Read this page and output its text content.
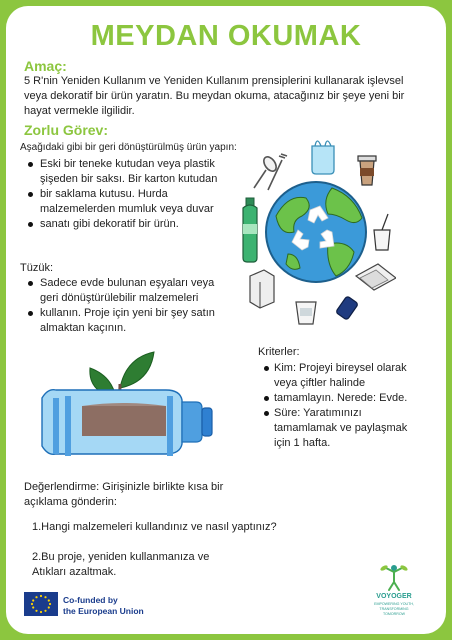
MEYDAN OKUMAK
Amaç:
5 R'nin Yeniden Kullanım ve Yeniden Kullanım prensiplerini kullanarak işlevsel veya dekoratif bir ürün yaratın. Bu meydan okuma, atacağınız bir şeye yeni bir hayat vermekle ilgilidir.
Zorlu Görev:
Aşağıdaki gibi bir geri dönüştürülmüş ürün yapın:
Eski bir teneke kutudan veya plastik şişeden bir saksı. Bir karton kutudan
bir saklama kutusu. Hurda malzemelerden mumluk veya duvar
sanatı gibi dekoratif bir ürün.
Tüzük:
Sadece evde bulunan eşyaları veya geri dönüştürülebilir malzemeleri
kullanın. Proje için yeni bir şey satın almaktan kaçının.
Kriterler:
Kim: Projeyi bireysel olarak veya çiftler halinde
tamamlayın. Nerede: Evde.
Süre: Yaratımınızı tamamlamak ve paylaşmak için 1 hafta.
Değerlendirme: Girişinizle birlikte kısa bir açıklama gönderin:
1.Hangi malzemeleri kullandınız ve nasıl yaptınız?
2.Bu proje, yeniden kullanmanıza ve Atıkları azaltmak.
Co-funded by
the European Union
VOYOGER
EMPOWERING YOUTH,
TRANSFORMING
TOMORROW
